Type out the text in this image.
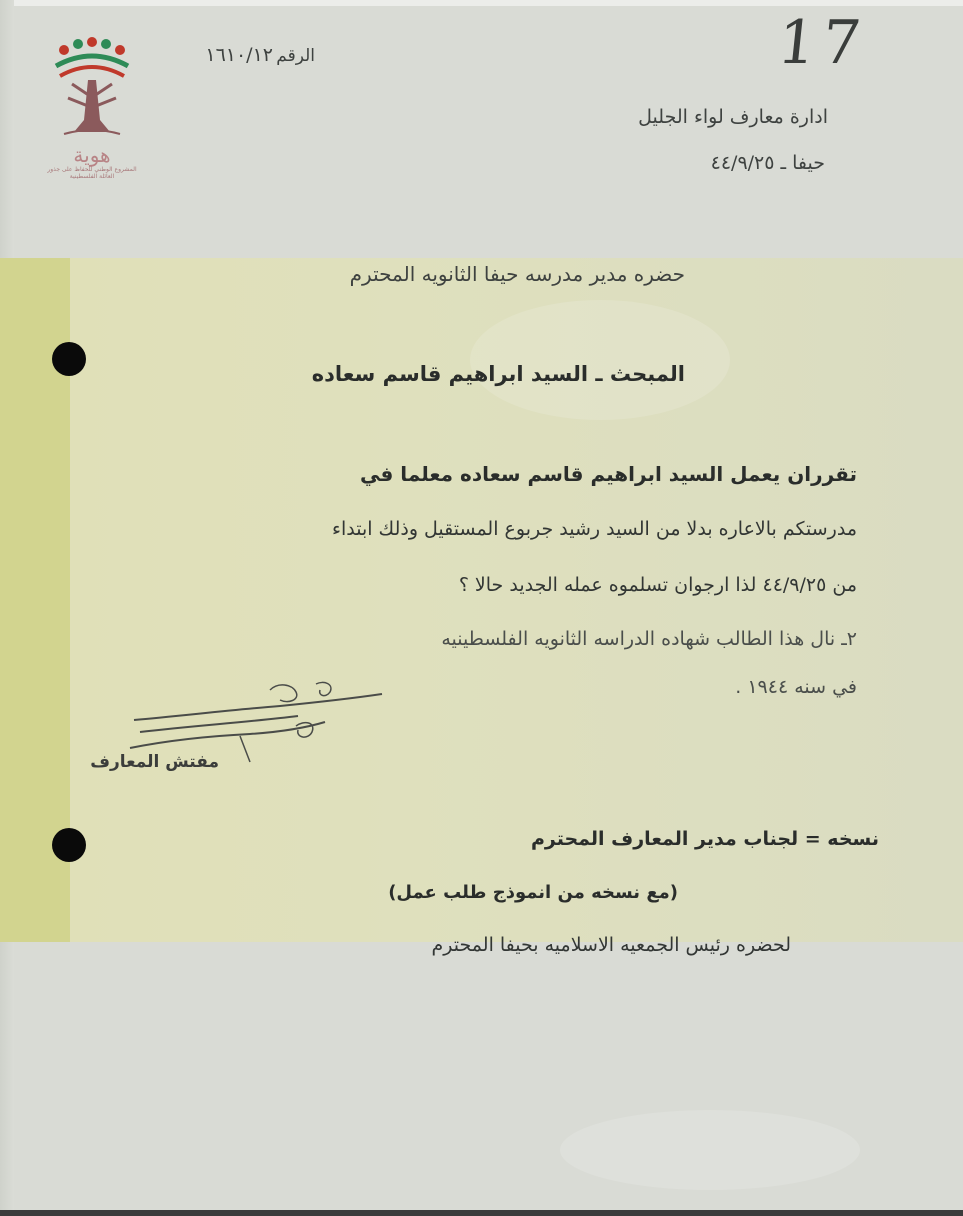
هوية
المشروع الوطني للحفاظ على جذور العائلة الفلسطينية
١٦١٠/١٢ الرقم	17
ادارة معارف لواء الجليل
حيفا ـ ٤٤/٩/٢٥
حضره مدير مدرسه حيفا الثانويه المحترم
المبحث ـ السيد ابراهيم قاسم سعاده
تقرران يعمل السيد ابراهيم قاسم سعاده معلما في
مدرستكم بالاعاره بدلا من السيد رشيد جربوع المستقيل وذلك ابتداء
من ٤٤/٩/٢٥ لذا ارجوان تسلموه عمله الجديد حالا ؟
٢ـ نال هذا الطالب شهاده الدراسه الثانويه الفلسطينيه
في سنه ١٩٤٤ .
مفتش المعارف
نسخه = لجناب مدير المعارف المحترم
(مع نسخه من انموذج طلب عمل)
لحضره رئيس الجمعيه الاسلاميه بحيفا المحترم
